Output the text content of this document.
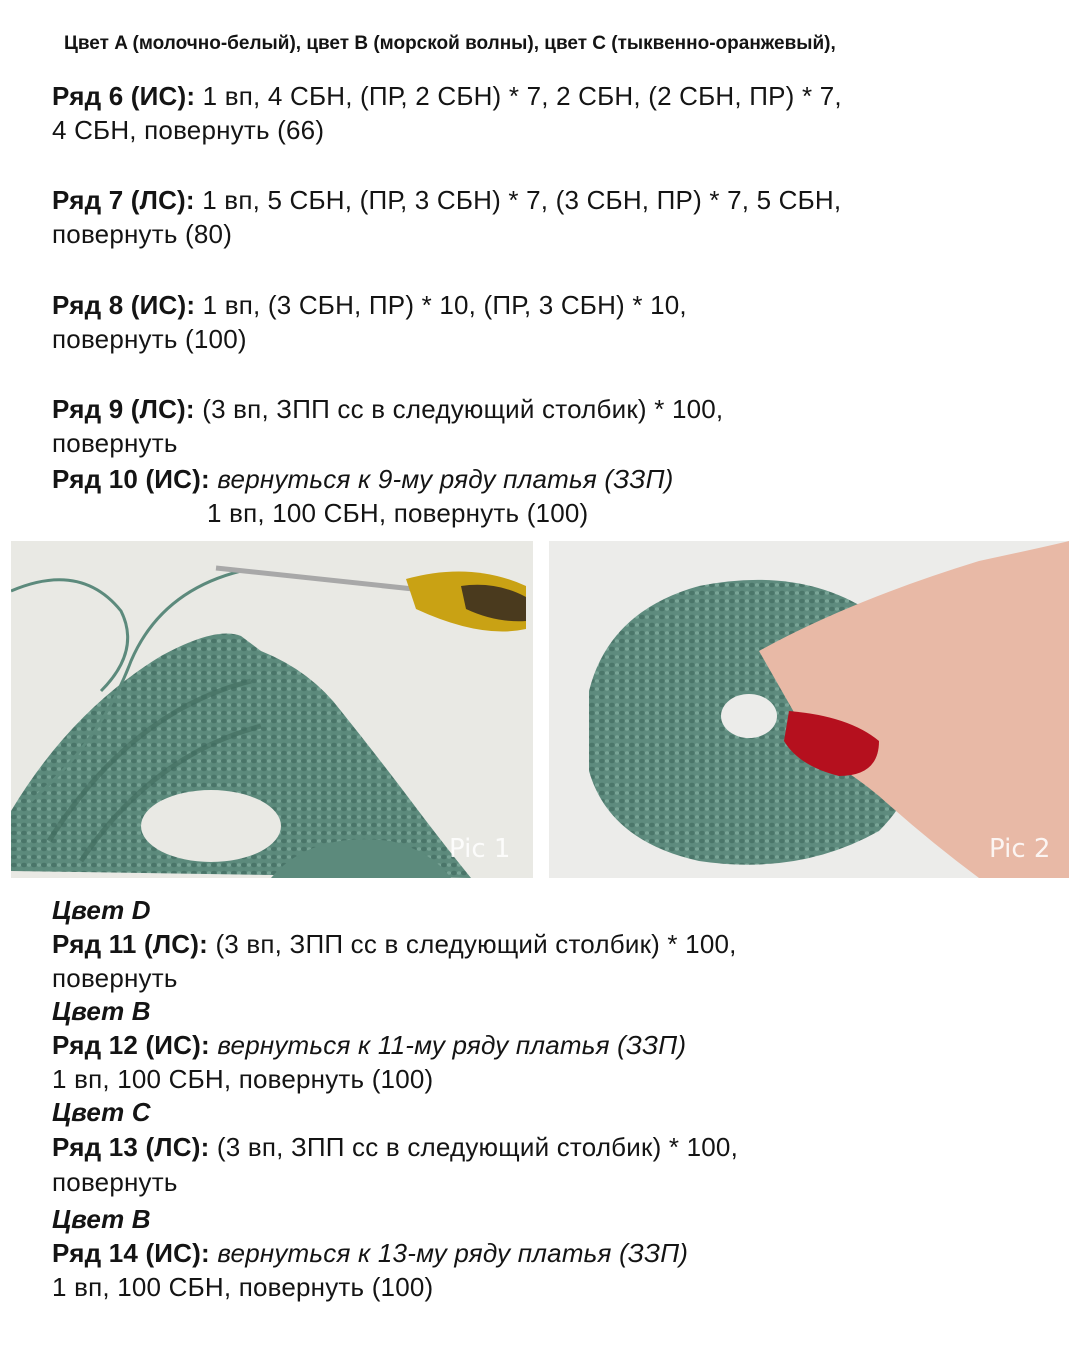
Цвет A (молочно-белый), цвет B (морской волны), цвет C (тыквенно-оранжевый),
Ряд 6 (ИС): 1 вп, 4 СБН, (ПР, 2 СБН) * 7, 2 СБН, (2 СБН, ПР) * 7,
4 СБН, повернуть (66)
Ряд 7 (ЛС): 1 вп, 5 СБН, (ПР, 3 СБН) * 7, (3 СБН, ПР) * 7, 5 СБН,
повернуть (80)
Ряд 8 (ИС): 1 вп, (3 СБН, ПР) * 10, (ПР, 3 СБН) * 10,
повернуть (100)
Ряд 9 (ЛС): (3 вп, ЗПП сс в следующий столбик) * 100,
повернуть
Ряд 10 (ИС): вернуться к 9-му ряду платья (ЗЗП)
1 вп, 100 СБН, повернуть (100)
Pic 1	Pic 2
Цвет D
Ряд 11 (ЛС): (3 вп, ЗПП сс в следующий столбик) * 100,
повернуть
Цвет B
Ряд 12 (ИС): вернуться к 11-му ряду платья (ЗЗП)
1 вп, 100 СБН, повернуть (100)
Цвет C
Ряд 13 (ЛС): (3 вп, ЗПП сс в следующий столбик) * 100,
повернуть
Цвет B
Ряд 14 (ИС): вернуться к 13-му ряду платья (ЗЗП)
1 вп, 100 СБН, повернуть (100)
